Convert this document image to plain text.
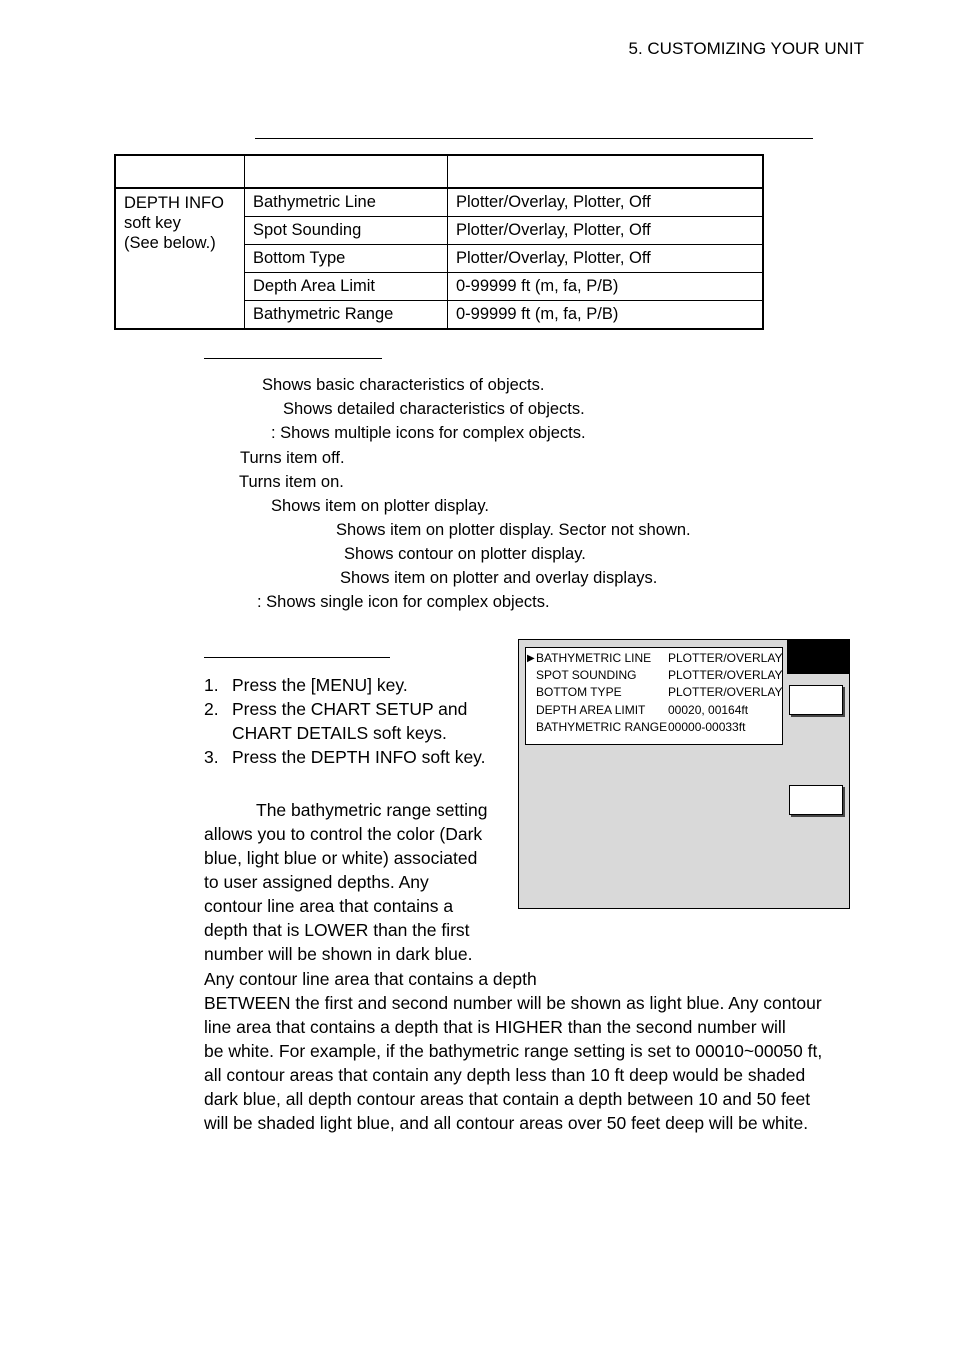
5. CUSTOMIZING YOUR UNIT

DEPTH INFO
soft key
(See below.)	Bathymetric Line	Plotter/Overlay, Plotter, Off
	Spot Sounding	Plotter/Overlay, Plotter, Off
	Bottom Type	Plotter/Overlay, Plotter, Off
	Depth Area Limit	0-99999 ft (m, fa, P/B)
	Bathymetric Range	0-99999 ft (m, fa, P/B)
Shows basic characteristics of objects.
Shows detailed characteristics of objects.
: Shows multiple icons for complex objects.
Turns item off.
Turns item on.
Shows item on plotter display.
Shows item on plotter display. Sector not shown.
Shows contour on plotter display.
Shows item on plotter and overlay displays.
: Shows single icon for complex objects.
1. Press the [MENU] key.
2. Press the CHART SETUP and CHART DETAILS soft keys.
3. Press the DEPTH INFO soft key.
The bathymetric range setting
allows you to control the color (Dark
blue, light blue or white) associated
to user assigned depths. Any
contour line area that contains a
depth that is LOWER than the first
number will be shown in dark blue.
Any contour line area that contains a depth
BETWEEN the first and second number will be shown as light blue. Any contour
line area that contains a depth that is HIGHER than the second number will
be white. For example, if the bathymetric range setting is set to 00010~00050 ft,
all contour areas that contain any depth less than 10 ft deep would be shaded
dark blue, all depth contour areas that contain a depth between 10 and 50 feet
will be shaded light blue, and all contour areas over 50 feet deep will be white.
▶ BATHYMETRIC LINE PLOTTER/OVERLAY
SPOT SOUNDING	PLOTTER/OVERLAY
BOTTOM TYPE	PLOTTER/OVERLAY
DEPTH AREA LIMIT 00020, 00164ft
BATHYMETRIC RANGE 00000-00033ft
